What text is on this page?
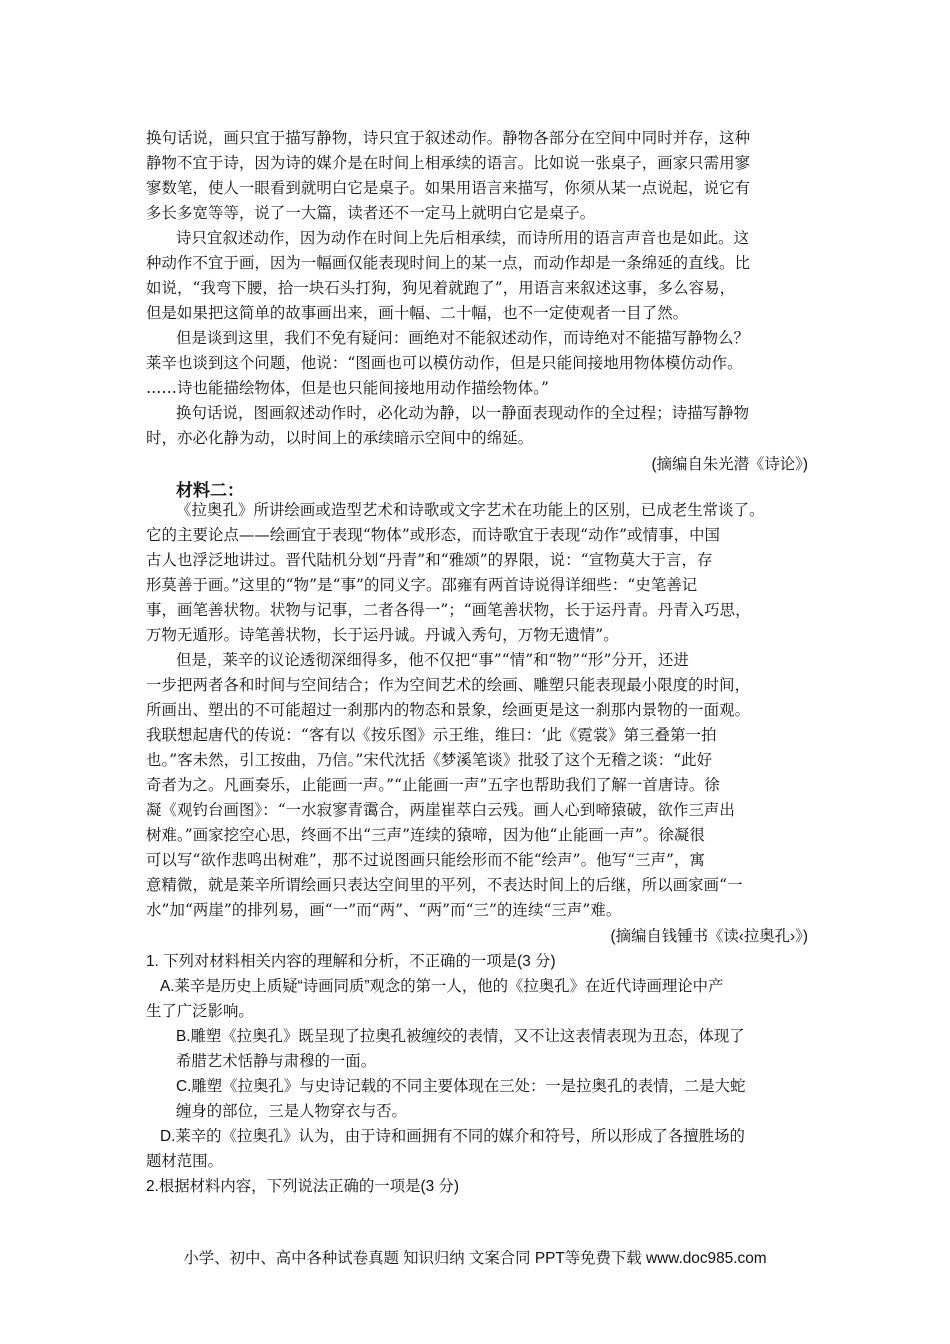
换句话说，画只宜于描写静物，诗只宜于叙述动作。静物各部分在空间中同时并存，这种
静物不宜于诗，因为诗的媒介是在时间上相承续的语言。比如说一张桌子，画家只需用寥
寥数笔，使人一眼看到就明白它是桌子。如果用语言来描写，你须从某一点说起，说它有
多长多宽等等，说了一大篇，读者还不一定马上就明白它是桌子。
诗只宜叙述动作，因为动作在时间上先后相承续，而诗所用的语言声音也是如此。这
种动作不宜于画，因为一幅画仅能表现时间上的某一点，而动作却是一条绵延的直线。比
如说，“我弯下腰，拾一块石头打狗，狗见着就跑了”，用语言来叙述这事，多么容易，
但是如果把这简单的故事画出来，画十幅、二十幅，也不一定使观者一目了然。
但是谈到这里，我们不免有疑问：画绝对不能叙述动作，而诗绝对不能描写静物么？
莱辛也谈到这个问题，他说：“图画也可以模仿动作，但是只能间接地用物体模仿动作。
……诗也能描绘物体，但是也只能间接地用动作描绘物体。”
换句话说，图画叙述动作时，必化动为静，以一静面表现动作的全过程；诗描写静物
时，亦必化静为动，以时间上的承续暗示空间中的绵延。
(摘编自朱光潜《诗论》)
材料二：
《拉奥孔》所讲绘画或造型艺术和诗歌或文字艺术在功能上的区别，已成老生常谈了。
它的主要论点——绘画宜于表现“物体”或形态，而诗歌宜于表现“动作”或情事，中国
古人也浮泛地讲过。晋代陆机分划“丹青”和“雅颂”的界限，说：“宣物莫大于言，存
形莫善于画。”这里的“物”是“事”的同义字。邵雍有两首诗说得详细些：“史笔善记
事，画笔善状物。状物与记事，二者各得一”；“画笔善状物，长于运丹青。丹青入巧思，
万物无遁形。诗笔善状物，长于运丹诚。丹诚入秀句，万物无遗情”。
但是，莱辛的议论透彻深细得多，他不仅把“事”“情”和“物”“形”分开，还进
一步把两者各和时间与空间结合；作为空间艺术的绘画、雕塑只能表现最小限度的时间，
所画出、塑出的不可能超过一刹那内的物态和景象，绘画更是这一刹那内景物的一面观。
我联想起唐代的传说：“客有以《按乐图》示王维，维曰：‘此《霓裳》第三叠第一拍
也。”客未然，引工按曲，乃信。”宋代沈括《梦溪笔谈》批驳了这个无稽之谈：“此好
奇者为之。凡画奏乐，止能画一声。”“止能画一声”五字也帮助我们了解一首唐诗。徐
凝《观钓台画图》：“一水寂寥青霭合，两崖崔萃白云残。画人心到啼猿破，欲作三声出
树难。”画家挖空心思，终画不出“三声”连续的猿啼，因为他“止能画一声”。徐凝很
可以写“欲作悲鸣出树难”，那不过说图画只能绘形而不能“绘声”。他写“三声”，寓
意精微，就是莱辛所谓绘画只表达空间里的平列，不表达时间上的后继，所以画家画“一
水”加“两崖”的排列易，画“一”而“两”、“两”而“三”的连续“三声”难。
(摘编自钱锺书《读‹拉奥孔›》)
1. 下列对材料相关内容的理解和分析，不正确的一项是(3 分)
A.莱辛是历史上质疑“诗画同质”观念的第一人，他的《拉奥孔》在近代诗画理论中产
生了广泛影响。
B.雕塑《拉奥孔》既呈现了拉奥孔被缠绞的表情，又不让这表情表现为丑态，体现了
希腊艺术恬静与肃穆的一面。
C.雕塑《拉奥孔》与史诗记载的不同主要体现在三处：一是拉奥孔的表情，二是大蛇
缠身的部位，三是人物穿衣与否。
D.莱辛的《拉奥孔》认为，由于诗和画拥有不同的媒介和符号，所以形成了各擅胜场的
题材范围。
2.根据材料内容，下列说法正确的一项是(3 分)
小学、初中、高中各种试卷真题 知识归纳 文案合同 PPT等免费下载 www.doc985.com
